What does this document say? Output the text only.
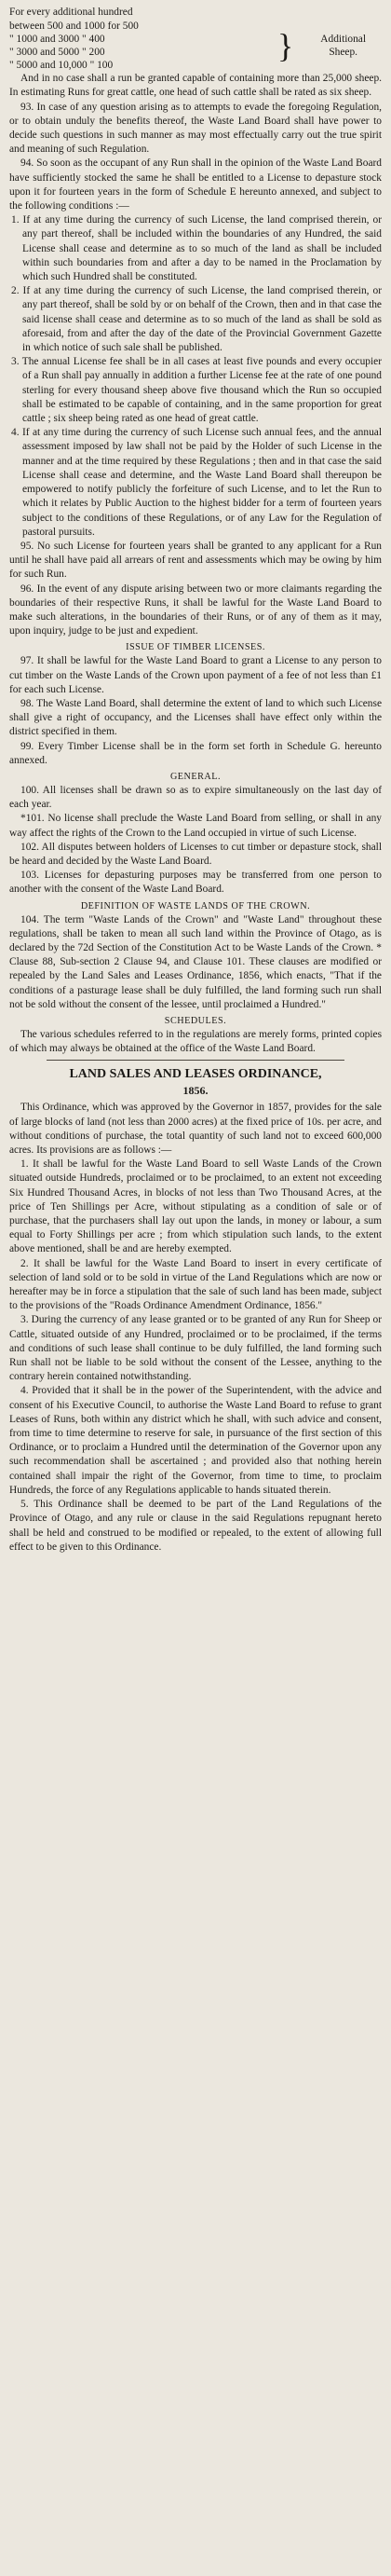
For every additional hundred
between 500 and 1000 for 500
" 1000 and 3000 " 400
" 3000 and 5000 " 200
" 5000 and 10,000 " 100
	}	Additional
Sheep.

And in no case shall a run be granted capable of containing more than 25,000 sheep. In estimating Runs for great cattle, one head of such cattle shall be rated as six sheep.

93. In case of any question arising as to attempts to evade the foregoing Regulation, or to obtain unduly the benefits thereof, the Waste Land Board shall have power to decide such questions in such manner as may most effectually carry out the true spirit and meaning of such Regulation.

94. So soon as the occupant of any Run shall in the opinion of the Waste Land Board have sufficiently stocked the same he shall be entitled to a License to depasture stock upon it for fourteen years in the form of Schedule E hereunto annexed, and subject to the following conditions :—

1. If at any time during the currency of such License, the land comprised therein, or any part thereof, shall be included within the boundaries of any Hundred, the said License shall cease and determine as to so much of the land as shall be included within such boundaries from and after a day to be named in the Proclamation by which such Hundred shall be constituted.

2. If at any time during the currency of such License, the land comprised therein, or any part thereof, shall be sold by or on behalf of the Crown, then and in that case the said license shall cease and determine as to so much of the land as shall be sold as aforesaid, from and after the day of the date of the Provincial Government Gazette in which notice of such sale shall be published.

3. The annual License fee shall be in all cases at least five pounds and every occupier of a Run shall pay annually in addition a further License fee at the rate of one pound sterling for every thousand sheep above five thousand which the Run so occupied shall be estimated to be capable of containing, and in the same proportion for great cattle ; six sheep being rated as one head of great cattle.

4. If at any time during the currency of such License such annual fees, and the annual assessment imposed by law shall not be paid by the Holder of such License in the manner and at the time required by these Regulations ; then and in that case the said License shall cease and determine, and the Waste Land Board shall thereupon be empowered to notify publicly the forfeiture of such License, and to let the Run to which it relates by Public Auction to the highest bidder for a term of fourteen years subject to the conditions of these Regulations, or of any Law for the Regulation of pastoral pursuits.

95. No such License for fourteen years shall be granted to any applicant for a Run until he shall have paid all arrears of rent and assessments which may be owing by him for such Run.

96. In the event of any dispute arising between two or more claimants regarding the boundaries of their respective Runs, it shall be lawful for the Waste Land Board to make such alterations, in the boundaries of their Runs, or of any of them as it may, upon inquiry, judge to be just and expedient.

ISSUE OF TIMBER LICENSES.

97. It shall be lawful for the Waste Land Board to grant a License to any person to cut timber on the Waste Lands of the Crown upon payment of a fee of not less than £1 for each such License.

98. The Waste Land Board, shall determine the extent of land to which such License shall give a right of occupancy, and the Licenses shall have effect only within the district specified in them.

99. Every Timber License shall be in the form set forth in Schedule G. hereunto annexed.

GENERAL.

100. All licenses shall be drawn so as to expire simultaneously on the last day of each year.

*101. No license shall preclude the Waste Land Board from selling, or shall in any way affect the rights of the Crown to the Land occupied in virtue of such License.

102. All disputes between holders of Licenses to cut timber or depasture stock, shall be heard and decided by the Waste Land Board.

103. Licenses for depasturing purposes may be transferred from one person to another with the consent of the Waste Land Board.

DEFINITION OF WASTE LANDS OF THE CROWN.

104. The term "Waste Lands of the Crown" and "Waste Land" throughout these regulations, shall be taken to mean all such land within the Province of Otago, as is declared by the 72d Section of the Constitution Act to be Waste Lands of the Crown. * Clause 88, Sub-section 2 Clause 94, and Clause 101. These clauses are modified or repealed by the Land Sales and Leases Ordinance, 1856, which enacts, "That if the conditions of a pasturage lease shall be duly fulfilled, the land forming such run shall not be sold without the consent of the lessee, until proclaimed a Hundred."

SCHEDULES.

The various schedules referred to in the regulations are merely forms, printed copies of which may always be obtained at the office of the Waste Land Board.

LAND SALES AND LEASES ORDINANCE,
1856.

This Ordinance, which was approved by the Governor in 1857, provides for the sale of large blocks of land (not less than 2000 acres) at the fixed price of 10s. per acre, and without conditions of purchase, the total quantity of such land not to exceed 600,000 acres. Its provisions are as follows :—

1. It shall be lawful for the Waste Land Board to sell Waste Lands of the Crown situated outside Hundreds, proclaimed or to be proclaimed, to an extent not exceeding Six Hundred Thousand Acres, in blocks of not less than Two Thousand Acres, at the price of Ten Shillings per Acre, without stipulating as a condition of sale or of purchase, that the purchasers shall lay out upon the lands, in money or labour, a sum equal to Forty Shillings per acre ; from which stipulation such lands, to the extent above mentioned, shall be and are hereby exempted.

2. It shall be lawful for the Waste Land Board to insert in every certificate of selection of land sold or to be sold in virtue of the Land Regulations which are now or hereafter may be in force a stipulation that the sale of such land has been made, subject to the provisions of the "Roads Ordinance Amendment Ordinance, 1856."

3. During the currency of any lease granted or to be granted of any Run for Sheep or Cattle, situated outside of any Hundred, proclaimed or to be proclaimed, if the terms and conditions of such lease shall continue to be duly fulfilled, the land forming such Run shall not be liable to be sold without the consent of the Lessee, anything to the contrary herein contained notwithstanding.

4. Provided that it shall be in the power of the Superintendent, with the advice and consent of his Executive Council, to authorise the Waste Land Board to refuse to grant Leases of Runs, both within any district which he shall, with such advice and consent, from time to time determine to reserve for sale, in pursuance of the first section of this Ordinance, or to proclaim a Hundred until the determination of the Governor upon any such recommendation shall be ascertained ; and provided also that nothing herein contained shall impair the right of the Governor, from time to time, to proclaim Hundreds, the force of any Regulations applicable to hands situated therein.

5. This Ordinance shall be deemed to be part of the Land Regulations of the Province of Otago, and any rule or clause in the said Regulations repugnant hereto shall be held and construed to be modified or repealed, to the extent of allowing full effect to be given to this Ordinance.
